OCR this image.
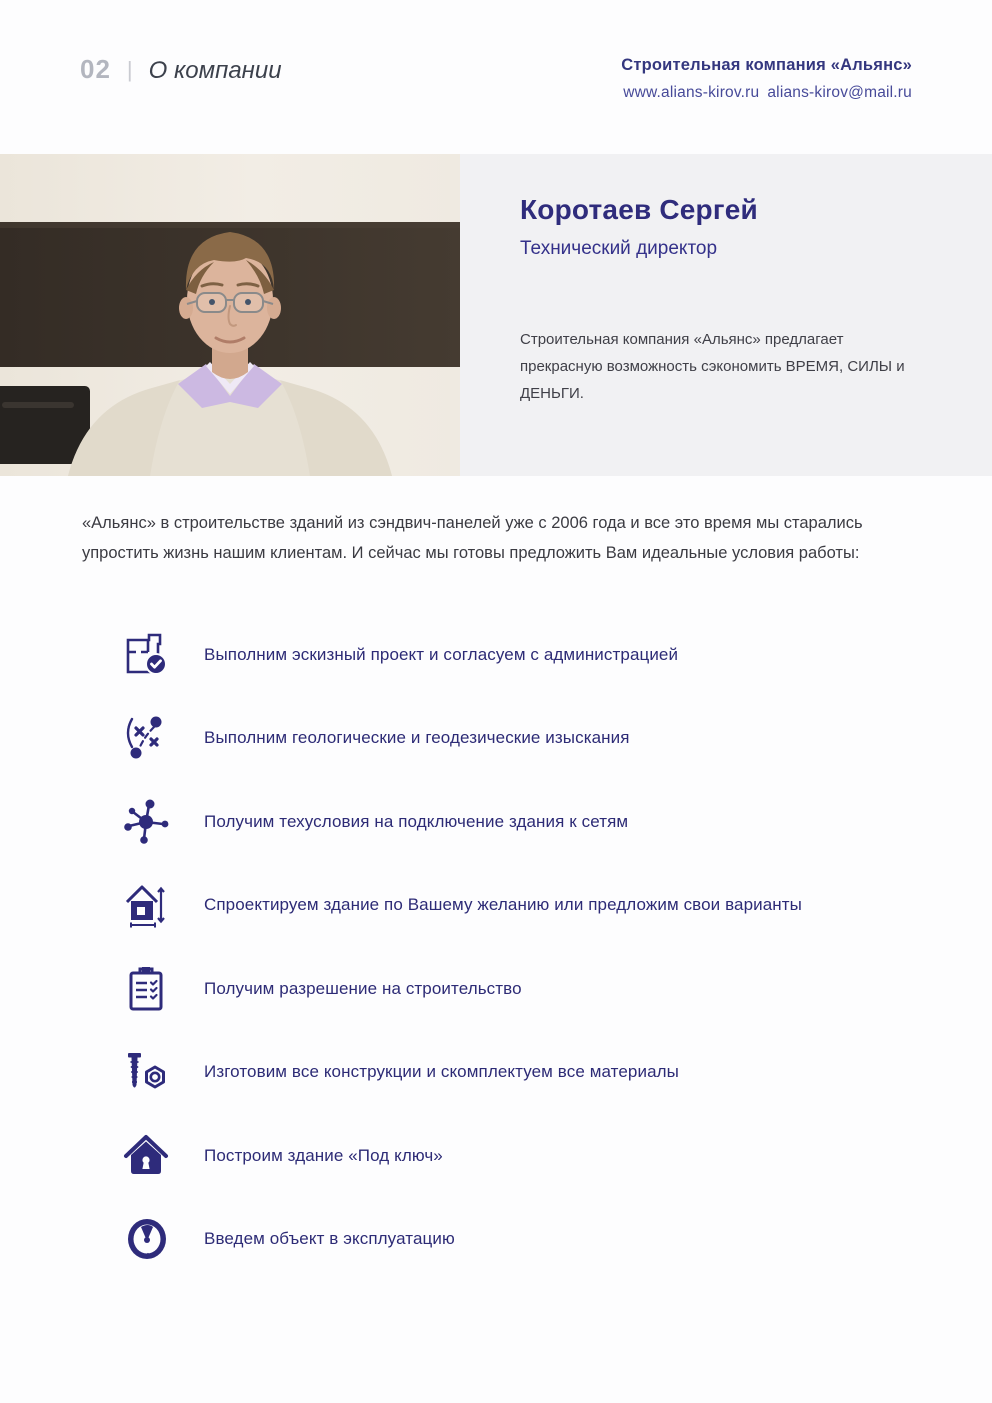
02 | О компании	Строительная компания «Альянс»
www.alians-kirov.ru alians-kirov@mail.ru
Коротаев Сергей
Технический директор
Строительная компания «Альянс» предлагает прекрасную возможность сэкономить ВРЕМЯ, СИЛЫ и ДЕНЬГИ.
«Альянс» в строительстве зданий из сэндвич-панелей уже с 2006 года и все это время мы старались упростить жизнь нашим клиентам. И сейчас мы готовы предложить Вам идеальные условия работы:
Выполним эскизный проект и согласуем с администрацией
Выполним геологические и геодезические изыскания
Получим техусловия на подключение здания к сетям
Спроектируем здание по Вашему желанию или предложим свои варианты
Получим разрешение на строительство
Изготовим все конструкции и скомплектуем все материалы
Построим здание «Под ключ»
Введем объект в эксплуатацию
